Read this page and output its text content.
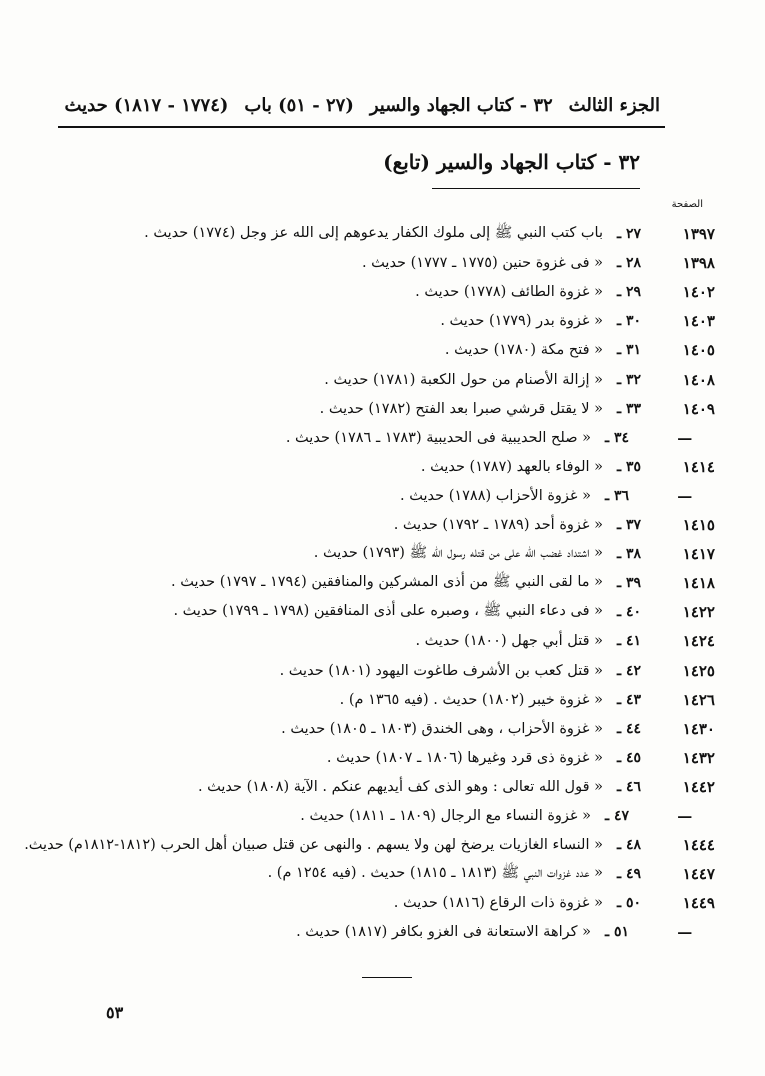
الجزء الثالث
٣٢ - كتاب الجهاد والسير
(٢٧ - ٥١) باب
(١٧٧٤ - ١٨١٧) حديث
٣٢ - كتاب الجهاد والسير (تابع)
الصفحة
١٣٩٧
٢٧ ـ
باب كتب النبي ﷺ إلى ملوك الكفار يدعوهم إلى الله عز وجل (١٧٧٤) حديث .
١٣٩٨
٢٨ ـ
« فى غزوة حنين (١٧٧٥ ـ ١٧٧٧) حديث .
١٤٠٢
٢٩ ـ
« غزوة الطائف (١٧٧٨) حديث .
١٤٠٣
٣٠ ـ
« غزوة بدر (١٧٧٩) حديث .
١٤٠٥
٣١ ـ
« فتح مكة (١٧٨٠) حديث .
١٤٠٨
٣٢ ـ
« إزالة الأصنام من حول الكعبة (١٧٨١) حديث .
١٤٠٩
٣٣ ـ
« لا يقتل قرشي صبرا بعد الفتح (١٧٨٢) حديث .
—
٣٤ ـ
« صلح الحديبية فى الحديبية (١٧٨٣ ـ ١٧٨٦) حديث .
١٤١٤
٣٥ ـ
« الوفاء بالعهد (١٧٨٧) حديث .
—
٣٦ ـ
« غزوة الأحزاب (١٧٨٨) حديث .
١٤١٥
٣٧ ـ
« غزوة أحد (١٧٨٩ ـ ١٧٩٢) حديث .
١٤١٧
٣٨ ـ
« اشتداد غضب الله على من قتله رسول الله ﷺ (١٧٩٣) حديث .
١٤١٨
٣٩ ـ
« ما لقى النبي ﷺ من أذى المشركين والمنافقين (١٧٩٤ ـ ١٧٩٧) حديث .
١٤٢٢
٤٠ ـ
« فى دعاء النبي ﷺ ، وصبره على أذى المنافقين (١٧٩٨ ـ ١٧٩٩) حديث .
١٤٢٤
٤١ ـ
« قتل أبي جهل (١٨٠٠) حديث .
١٤٢٥
٤٢ ـ
« قتل كعب بن الأشرف طاغوت اليهود (١٨٠١) حديث .
١٤٢٦
٤٣ ـ
« غزوة خيبر (١٨٠٢) حديث . (فيه ١٣٦٥ م) .
١٤٣٠
٤٤ ـ
« غزوة الأحزاب ، وهى الخندق (١٨٠٣ ـ ١٨٠٥) حديث .
١٤٣٢
٤٥ ـ
« غزوة ذى قرد وغيرها (١٨٠٦ ـ ١٨٠٧) حديث .
١٤٤٢
٤٦ ـ
« قول الله تعالى : وهو الذى كف أيديهم عنكم . الآية (١٨٠٨) حديث .
—
٤٧ ـ
« غزوة النساء مع الرجال (١٨٠٩ ـ ١٨١١) حديث .
١٤٤٤
٤٨ ـ
« النساء الغازيات يرضخ لهن ولا يسهم . والنهى عن قتل صبيان أهل الحرب (١٨١٢-١٨١٢م) حديث.
١٤٤٧
٤٩ ـ
« عدد غزوات النبي ﷺ (١٨١٣ ـ ١٨١٥) حديث . (فيه ١٢٥٤ م) .
١٤٤٩
٥٠ ـ
« غزوة ذات الرقاع (١٨١٦) حديث .
—
٥١ ـ
« كراهة الاستعانة فى الغزو بكافر (١٨١٧) حديث .
٥٣
